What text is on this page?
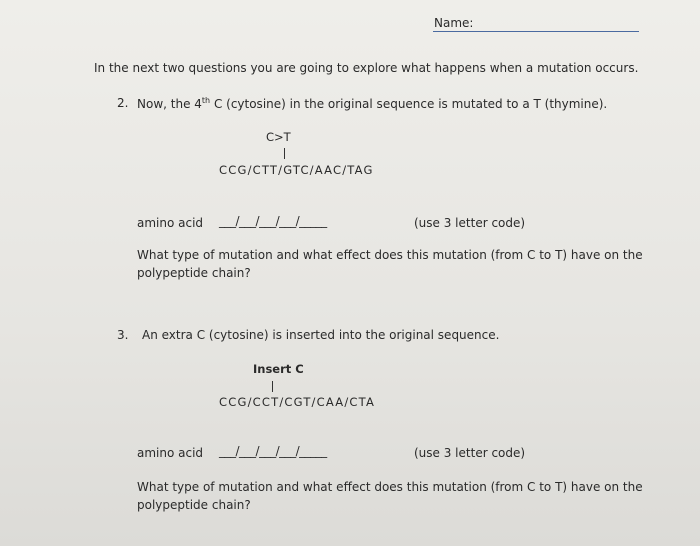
Name:
In the next two questions you are going to explore what happens when a mutation occurs.
2. Now, the 4th C (cytosine) in the original sequence is mutated to a T (thymine).
C>T
CCG/CTT/GTC/AAC/TAG
amino acid ___/___/___/___/_____	(use 3 letter code)
What type of mutation and what effect does this mutation (from C to T) have on the
polypeptide chain?
3. An extra C (cytosine) is inserted into the original sequence.
Insert C
CCG/CCT/CGT/CAA/CTA
amino acid ___/___/___/___/_____	(use 3 letter code)
What type of mutation and what effect does this mutation (from C to T) have on the
polypeptide chain?
